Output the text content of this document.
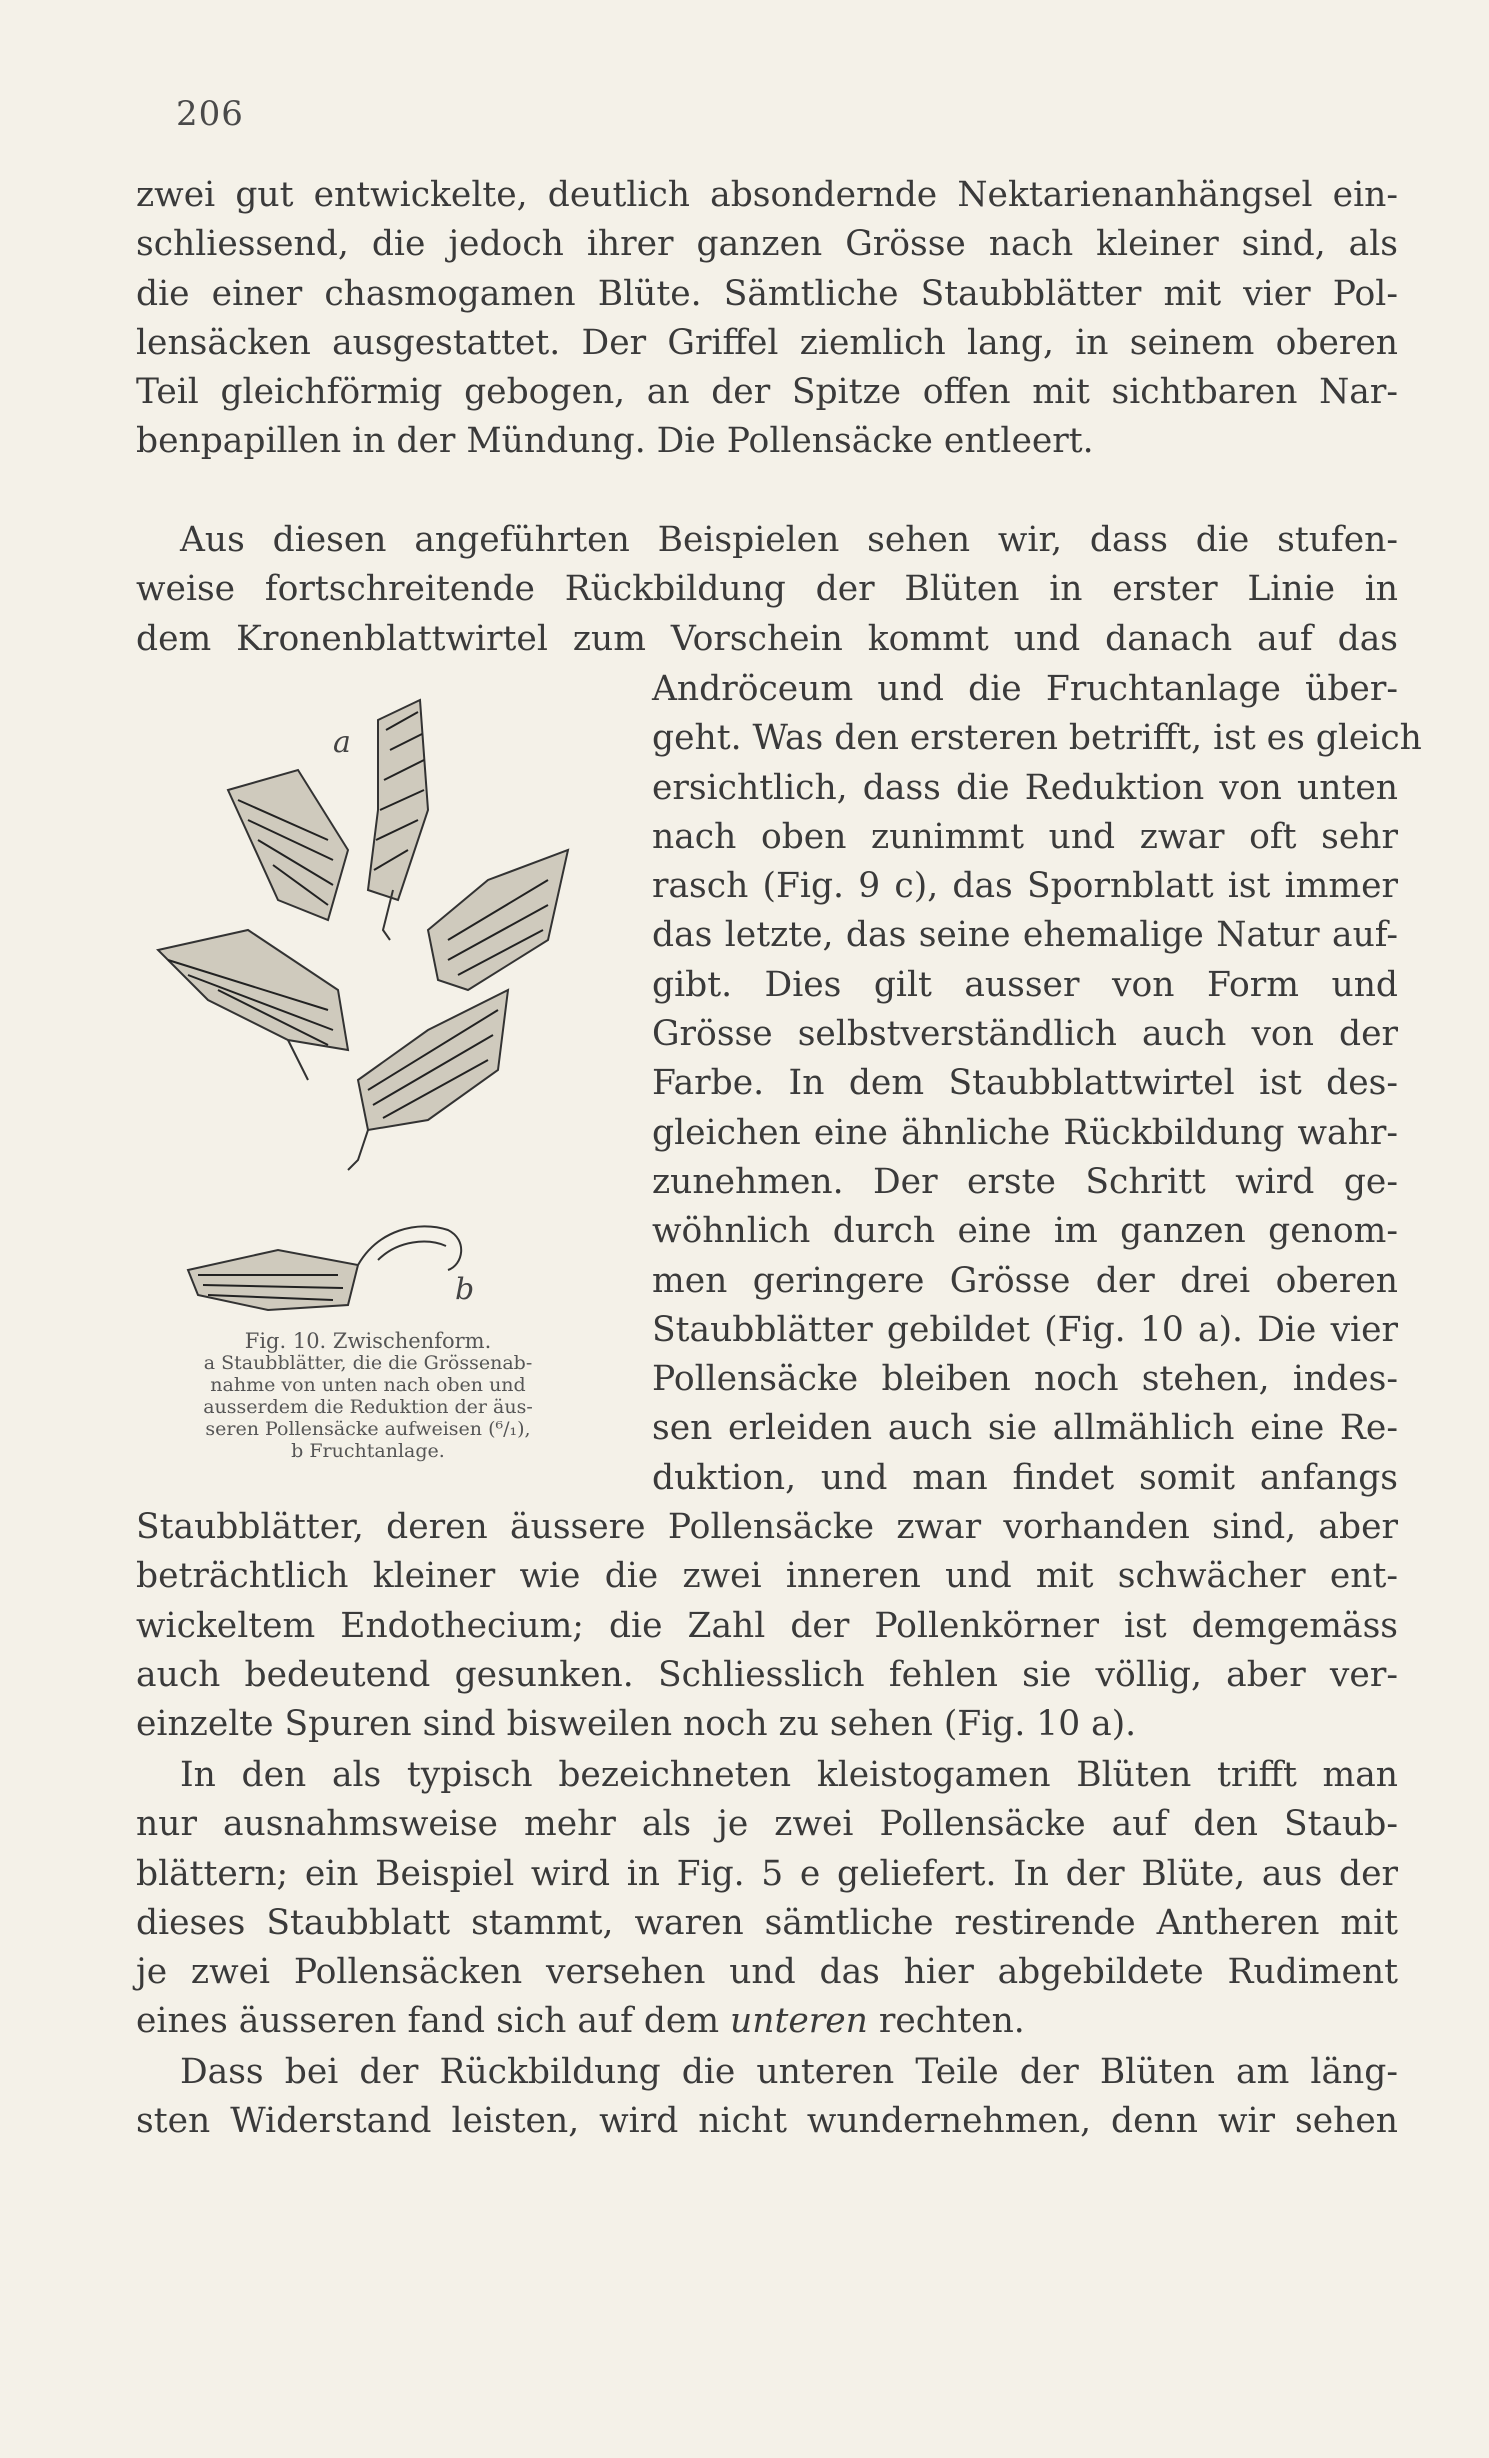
206
zwei gut entwickelte, deutlich absondernde Nektarienanhängsel ein-
schliessend, die jedoch ihrer ganzen Grösse nach kleiner sind, als
die einer chasmogamen Blüte. Sämtliche Staubblätter mit vier Pol-
lensäcken ausgestattet. Der Griffel ziemlich lang, in seinem oberen
Teil gleichförmig gebogen, an der Spitze offen mit sichtbaren Nar-
benpapillen in der Mündung. Die Pollensäcke entleert.
Aus diesen angeführten Beispielen sehen wir, dass die stufen-
weise fortschreitende Rückbildung der Blüten in erster Linie in
dem Kronenblattwirtel zum Vorschein kommt und danach auf das
Andröceum und die Fruchtanlage über-
geht. Was den ersteren betrifft, ist es gleich
ersichtlich, dass die Reduktion von unten
nach oben zunimmt und zwar oft sehr
rasch (Fig. 9 c), das Spornblatt ist immer
das letzte, das seine ehemalige Natur auf-
gibt. Dies gilt ausser von Form und
Grösse selbstverständlich auch von der
Farbe. In dem Staubblattwirtel ist des-
gleichen eine ähnliche Rückbildung wahr-
zunehmen. Der erste Schritt wird ge-
wöhnlich durch eine im ganzen genom-
men geringere Grösse der drei oberen
Staubblätter gebildet (Fig. 10 a). Die vier
Pollensäcke bleiben noch stehen, indes-
sen erleiden auch sie allmählich eine Re-
duktion, und man findet somit anfangs
a
b
Fig. 10. Zwischenform.
a Staubblätter, die die Grössenab-
nahme von unten nach oben und
ausserdem die Reduktion der äus-
seren Pollensäcke aufweisen (⁶/₁),
b Fruchtanlage.
Staubblätter, deren äussere Pollensäcke zwar vorhanden sind, aber
beträchtlich kleiner wie die zwei inneren und mit schwächer ent-
wickeltem Endothecium; die Zahl der Pollenkörner ist demgemäss
auch bedeutend gesunken. Schliesslich fehlen sie völlig, aber ver-
einzelte Spuren sind bisweilen noch zu sehen (Fig. 10 a).
In den als typisch bezeichneten kleistogamen Blüten trifft man
nur ausnahmsweise mehr als je zwei Pollensäcke auf den Staub-
blättern; ein Beispiel wird in Fig. 5 e geliefert. In der Blüte, aus der
dieses Staubblatt stammt, waren sämtliche restirende Antheren mit
je zwei Pollensäcken versehen und das hier abgebildete Rudiment
eines äusseren fand sich auf dem unteren rechten.
Dass bei der Rückbildung die unteren Teile der Blüten am läng-
sten Widerstand leisten, wird nicht wundernehmen, denn wir sehen
